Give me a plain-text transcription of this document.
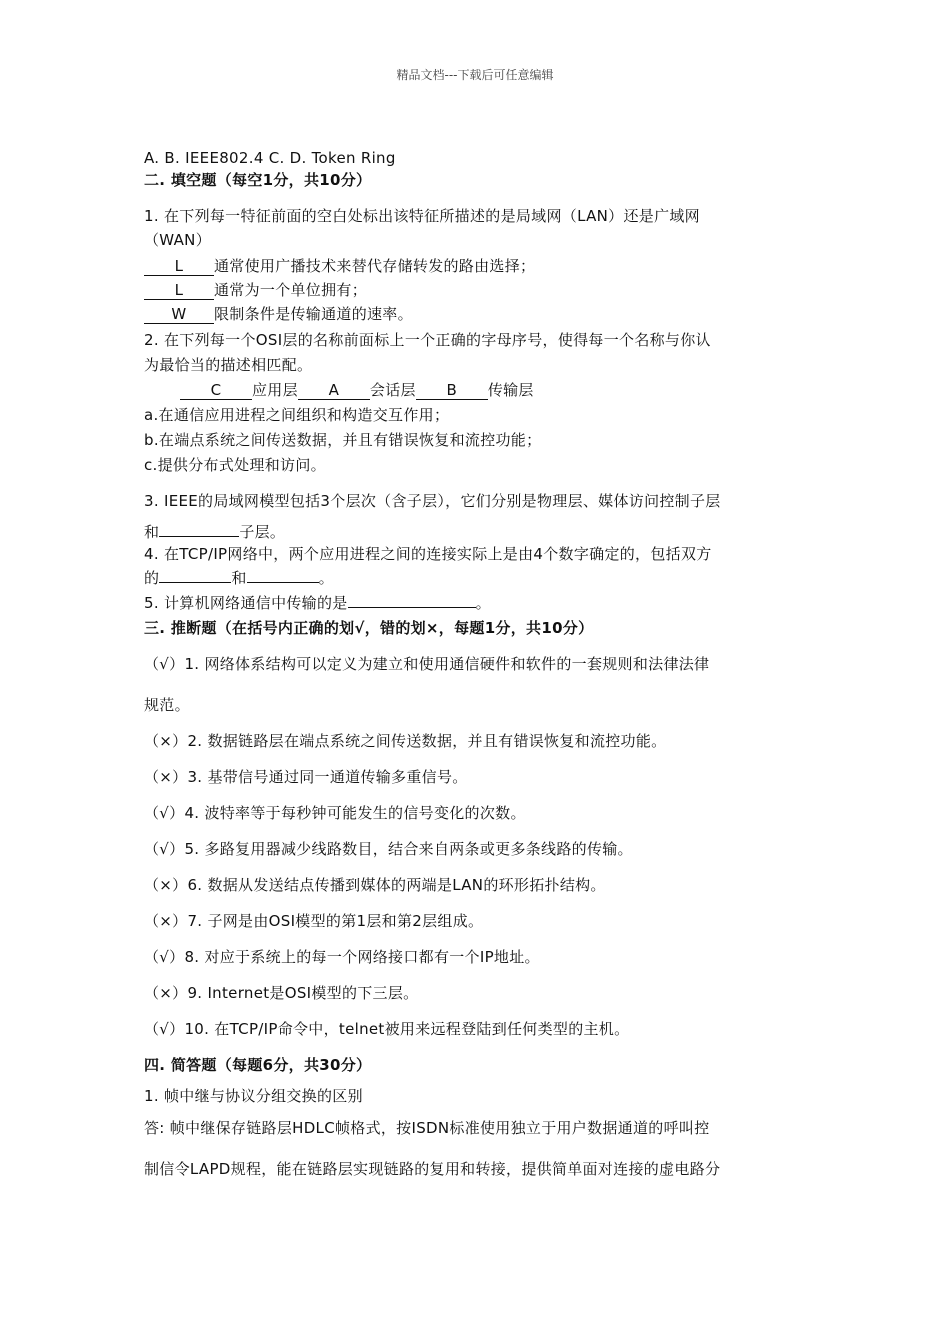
精品文档---下载后可任意编辑
A. B. IEEE802.4 C. D. Token Ring
二. 填空题（每空1分，共10分）
1. 在下列每一特征前面的空白处标出该特征所描述的是局域网（LAN）还是广域网
（WAN）
L 通常使用广播技术来替代存储转发的路由选择；
L 通常为一个单位拥有；
W 限制条件是传输通道的速率。
2. 在下列每一个OSI层的名称前面标上一个正确的字母序号，使得每一个名称与你认
为最恰当的描述相匹配。
C 应用层 A 会话层 B 传输层
a.在通信应用进程之间组织和构造交互作用；
b.在端点系统之间传送数据，并且有错误恢复和流控功能；
c.提供分布式处理和访问。
3. IEEE的局域网模型包括3个层次（含子层），它们分别是物理层、媒体访问控制子层
和	子层。
4. 在TCP/IP网络中，两个应用进程之间的连接实际上是由4个数字确定的，包括双方
的	和	。
5. 计算机网络通信中传输的是	。
三. 推断题（在括号内正确的划√，错的划×，每题1分，共10分）
（√）1. 网络体系结构可以定义为建立和使用通信硬件和软件的一套规则和法律法律
规范。
（×）2. 数据链路层在端点系统之间传送数据，并且有错误恢复和流控功能。
（×）3. 基带信号通过同一通道传输多重信号。
（√）4. 波特率等于每秒钟可能发生的信号变化的次数。
（√）5. 多路复用器减少线路数目，结合来自两条或更多条线路的传输。
（×）6. 数据从发送结点传播到媒体的两端是LAN的环形拓扑结构。
（×）7. 子网是由OSI模型的第1层和第2层组成。
（√）8. 对应于系统上的每一个网络接口都有一个IP地址。
（×）9. Internet是OSI模型的下三层。
（√）10. 在TCP/IP命令中，telnet被用来远程登陆到任何类型的主机。
四. 简答题（每题6分，共30分）
1. 帧中继与协议分组交换的区别
答: 帧中继保存链路层HDLC帧格式，按ISDN标准使用独立于用户数据通道的呼叫控
制信令LAPD规程，能在链路层实现链路的复用和转接，提供简单面对连接的虚电路分
